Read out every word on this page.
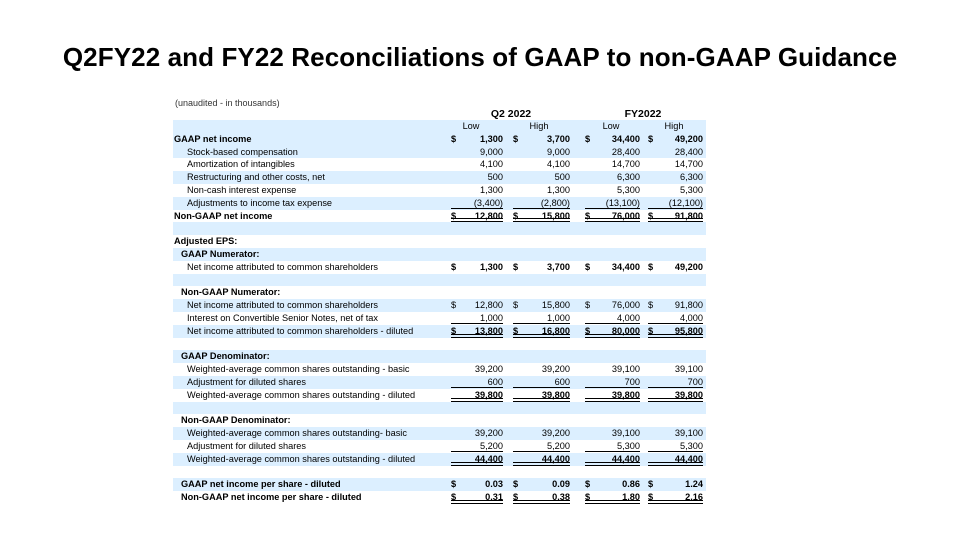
Q2FY22 and FY22 Reconciliations of GAAP to non-GAAP Guidance
(unaudited - in thousands)
Q2 2022	FY2022
Low	High	Low	High
GAAP net income	$	1,300 $	3,700 $	34,400 $	49,200
Stock-based compensation	9,000	9,000	28,400	28,400
Amortization of intangibles	4,100	4,100	14,700	14,700
Restructuring and other costs, net	500	500	6,300	6,300
Non-cash interest expense	1,300	1,300	5,300	5,300
Adjustments to income tax expense	(3,400)	(2,800)	(13,100)	(12,100)
Non-GAAP net income	$	12,800 $	15,800 $	76,000 $	91,800
Adjusted EPS:
GAAP Numerator:
Net income attributed to common shareholders	$	1,300 $	3,700 $	34,400 $	49,200
Non-GAAP Numerator:
Net income attributed to common shareholders	$	12,800 $	15,800 $	76,000 $	91,800
Interest on Convertible Senior Notes, net of tax	1,000	1,000	4,000	4,000
Net income attributed to common shareholders - diluted	$	13,800 $	16,800 $	80,000 $	95,800
GAAP Denominator:
Weighted-average common shares outstanding - basic	39,200	39,200	39,100	39,100
Adjustment for diluted shares	600	600	700	700
Weighted-average common shares outstanding - diluted	39,800	39,800	39,800	39,800
Non-GAAP Denominator:
Weighted-average common shares outstanding- basic	39,200	39,200	39,100	39,100
Adjustment for diluted shares	5,200	5,200	5,300	5,300
Weighted-average common shares outstanding - diluted	44,400	44,400	44,400	44,400
GAAP net income per share - diluted	$	0.03 $	0.09 $	0.86 $	1.24
Non-GAAP net income per share - diluted	$	0.31 $	0.38 $	1.80 $	2.16
